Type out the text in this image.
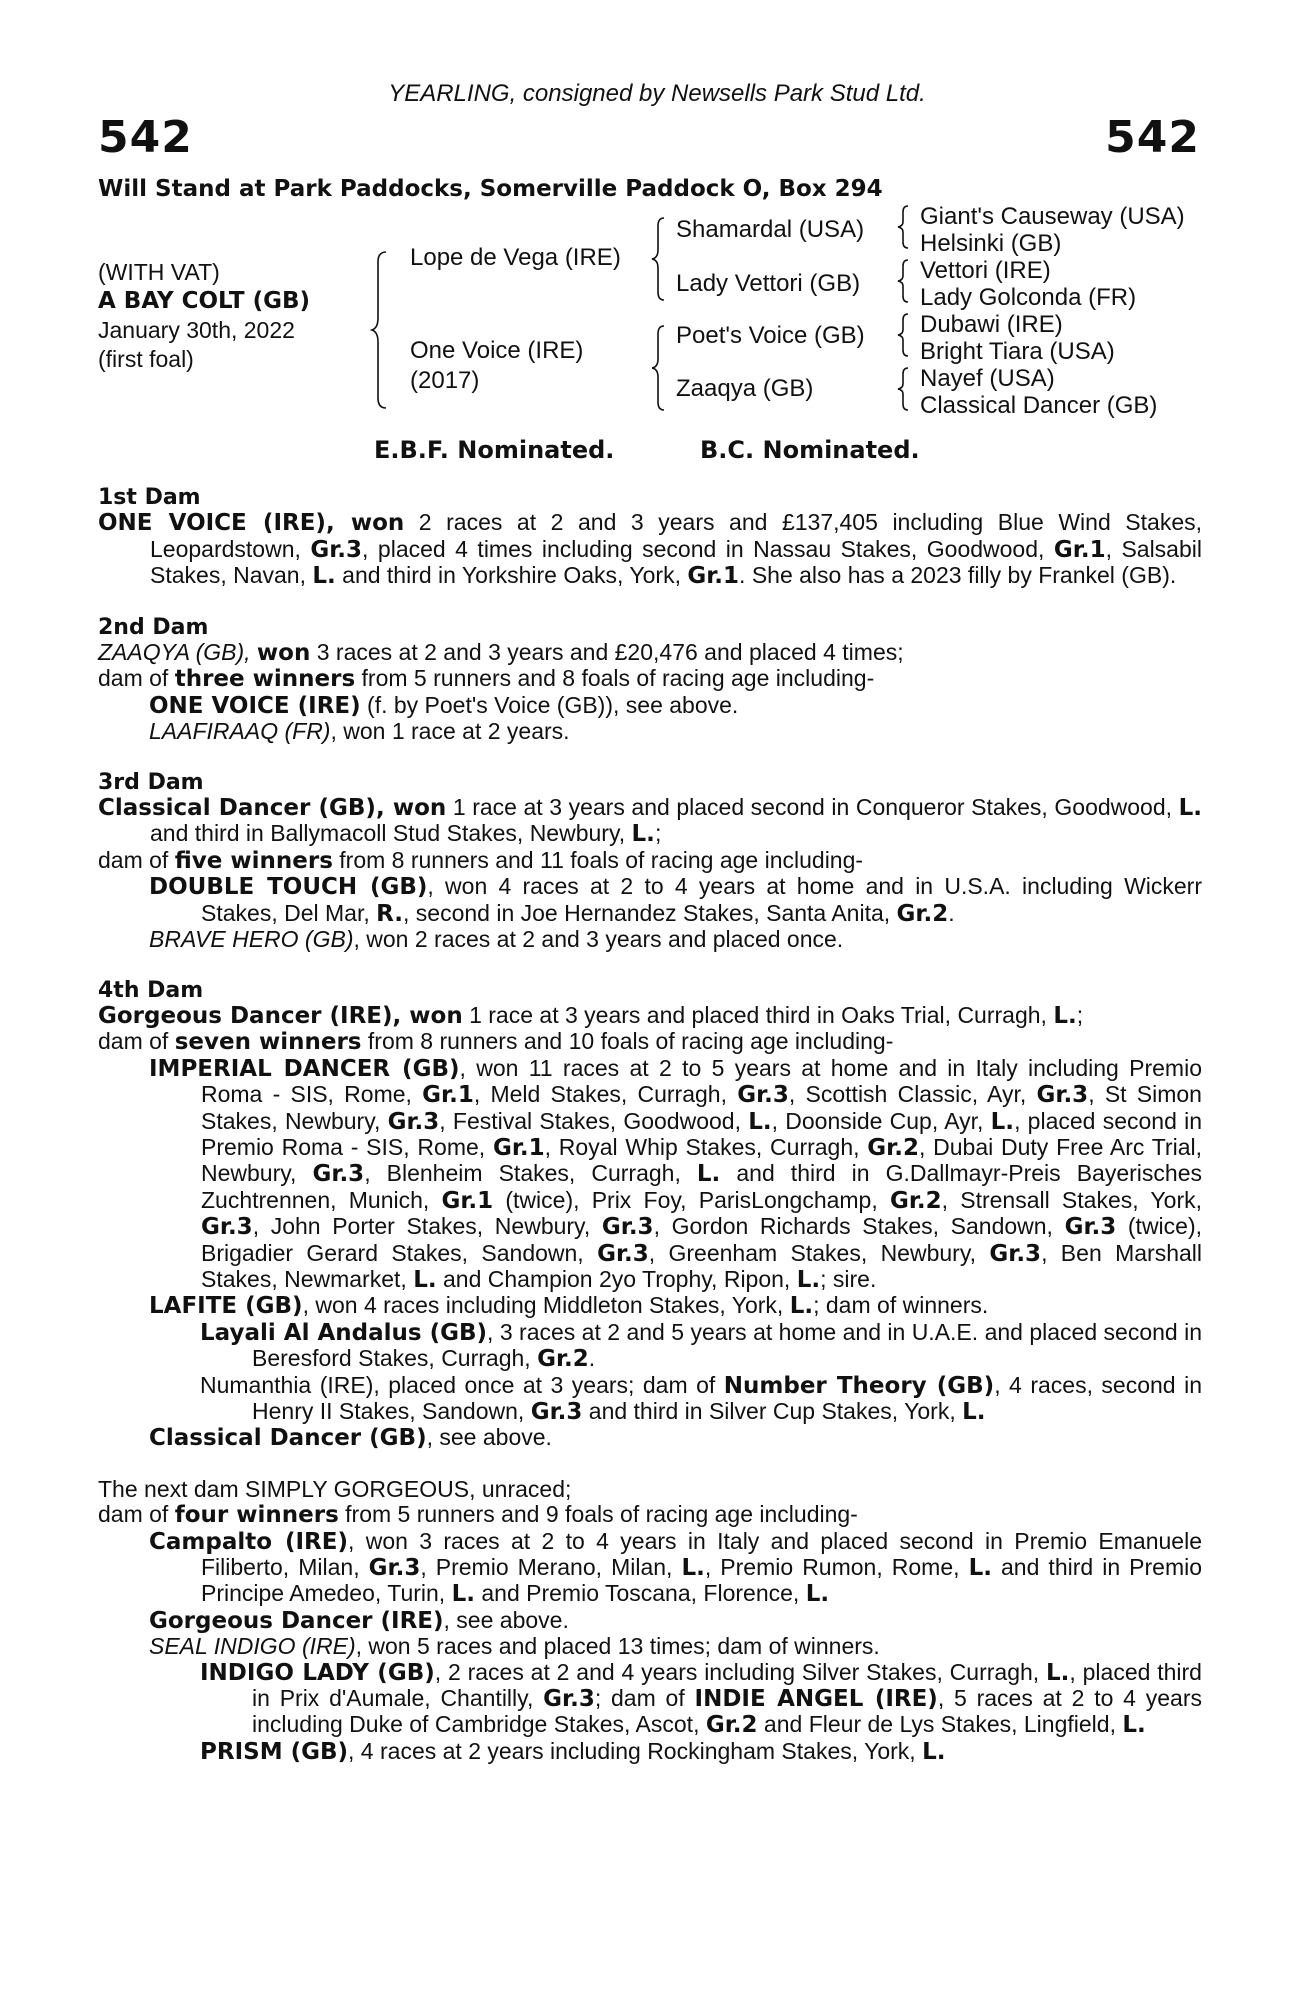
YEARLING, consigned by Newsells Park Stud Ltd.
542	542
Will Stand at Park Paddocks, Somerville Paddock O, Box 294
(WITH VAT)
A BAY COLT (GB)
January 30th, 2022
(first foal)
Lope de Vega (IRE)
One Voice (IRE)
(2017)
Shamardal (USA)
Lady Vettori (GB)
Poet's Voice (GB)
Zaaqya (GB)
Giant's Causeway (USA)
Helsinki (GB)
Vettori (IRE)
Lady Golconda (FR)
Dubawi (IRE)
Bright Tiara (USA)
Nayef (USA)
Classical Dancer (GB)
E.B.F. Nominated.	B.C. Nominated.
1st Dam

ONE VOICE (IRE), won 2 races at 2 and 3 years and £137,405 including Blue Wind Stakes, Leopardstown, Gr.3, placed 4 times including second in Nassau Stakes, Goodwood, Gr.1, Salsabil Stakes, Navan, L. and third in Yorkshire Oaks, York, Gr.1. She also has a 2023 filly by Frankel (GB).

2nd Dam

ZAAQYA (GB), won 3 races at 2 and 3 years and £20,476 and placed 4 times;

dam of three winners from 5 runners and 8 foals of racing age including-

ONE VOICE (IRE) (f. by Poet's Voice (GB)), see above.

LAAFIRAAQ (FR), won 1 race at 2 years.

3rd Dam

Classical Dancer (GB), won 1 race at 3 years and placed second in Conqueror Stakes, Goodwood, L. and third in Ballymacoll Stud Stakes, Newbury, L.;

dam of five winners from 8 runners and 11 foals of racing age including-

DOUBLE TOUCH (GB), won 4 races at 2 to 4 years at home and in U.S.A. including Wickerr Stakes, Del Mar, R., second in Joe Hernandez Stakes, Santa Anita, Gr.2.

BRAVE HERO (GB), won 2 races at 2 and 3 years and placed once.

4th Dam

Gorgeous Dancer (IRE), won 1 race at 3 years and placed third in Oaks Trial, Curragh, L.;

dam of seven winners from 8 runners and 10 foals of racing age including-

IMPERIAL DANCER (GB), won 11 races at 2 to 5 years at home and in Italy including Premio Roma - SIS, Rome, Gr.1, Meld Stakes, Curragh, Gr.3, Scottish Classic, Ayr, Gr.3, St Simon Stakes, Newbury, Gr.3, Festival Stakes, Goodwood, L., Doonside Cup, Ayr, L., placed second in Premio Roma - SIS, Rome, Gr.1, Royal Whip Stakes, Curragh, Gr.2, Dubai Duty Free Arc Trial, Newbury, Gr.3, Blenheim Stakes, Curragh, L. and third in G.Dallmayr-Preis Bayerisches Zuchtrennen, Munich, Gr.1 (twice), Prix Foy, ParisLongchamp, Gr.2, Strensall Stakes, York, Gr.3, John Porter Stakes, Newbury, Gr.3, Gordon Richards Stakes, Sandown, Gr.3 (twice), Brigadier Gerard Stakes, Sandown, Gr.3, Greenham Stakes, Newbury, Gr.3, Ben Marshall Stakes, Newmarket, L. and Champion 2yo Trophy, Ripon, L.; sire.

LAFITE (GB), won 4 races including Middleton Stakes, York, L.; dam of winners.

Layali Al Andalus (GB), 3 races at 2 and 5 years at home and in U.A.E. and placed second in Beresford Stakes, Curragh, Gr.2.

Numanthia (IRE), placed once at 3 years; dam of Number Theory (GB), 4 races, second in Henry II Stakes, Sandown, Gr.3 and third in Silver Cup Stakes, York, L.

Classical Dancer (GB), see above.

The next dam SIMPLY GORGEOUS, unraced;

dam of four winners from 5 runners and 9 foals of racing age including-

Campalto (IRE), won 3 races at 2 to 4 years in Italy and placed second in Premio Emanuele Filiberto, Milan, Gr.3, Premio Merano, Milan, L., Premio Rumon, Rome, L. and third in Premio Principe Amedeo, Turin, L. and Premio Toscana, Florence, L.

Gorgeous Dancer (IRE), see above.

SEAL INDIGO (IRE), won 5 races and placed 13 times; dam of winners.

INDIGO LADY (GB), 2 races at 2 and 4 years including Silver Stakes, Curragh, L., placed third in Prix d'Aumale, Chantilly, Gr.3; dam of INDIE ANGEL (IRE), 5 races at 2 to 4 years including Duke of Cambridge Stakes, Ascot, Gr.2 and Fleur de Lys Stakes, Lingfield, L.

PRISM (GB), 4 races at 2 years including Rockingham Stakes, York, L.
